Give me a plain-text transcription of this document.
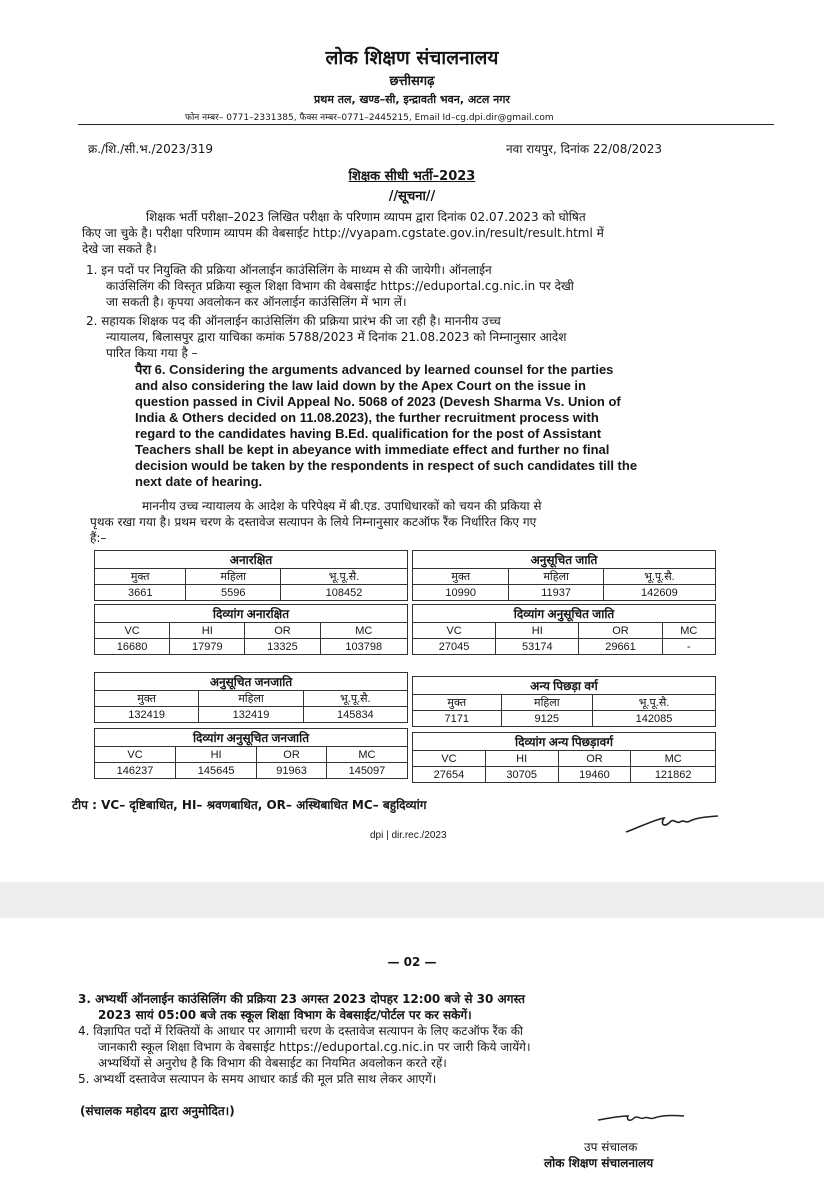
लोक शिक्षण संचालनालय
छत्तीसगढ़
प्रथम तल, खण्ड–सी, इन्द्रावती भवन, अटल नगर
फोन नम्बर– 0771–2331385, फैक्स नम्बर–0771–2445215, Email Id–cg.dpi.dir@gmail.com
क्र./शि./सी.भ./2023/319	नवा रायपुर, दिनांक 22/08/2023
शिक्षक सीधी भर्ती–2023
//सूचना//
शिक्षक भर्ती परीक्षा–2023 लिखित परीक्षा के परिणाम व्यापम द्वारा दिनांक 02.07.2023 को घोषित
किए जा चुके है। परीक्षा परिणाम व्यापम की वेबसाईट http://vyapam.cgstate.gov.in/result/result.html में
देखे जा सकते है।
1. इन पदों पर नियुक्ति की प्रक्रिया ऑनलाईन काउंसिलिंग के माध्यम से की जायेगी। ऑनलाईन
काउंसिलिंग की विस्तृत प्रक्रिया स्कूल शिक्षा विभाग की वेबसाईट https://eduportal.cg.nic.in पर देखी
जा सकती है। कृपया अवलोकन कर ऑनलाईन काउंसिलिंग में भाग लें।
2. सहायक शिक्षक पद की ऑनलाईन काउंसिलिंग की प्रक्रिया प्रारंभ की जा रही है। माननीय उच्च
न्यायालय, बिलासपुर द्वारा याचिका कमांक 5788/2023 में दिनांक 21.08.2023 को निम्नानुसार आदेश
पारित किया गया है –
पैरा 6. Considering the arguments advanced by learned counsel for the parties
and also considering the law laid down by the Apex Court on the issue in
question passed in Civil Appeal No. 5068 of 2023 (Devesh Sharma Vs. Union of
India & Others decided on 11.08.2023), the further recruitment process with
regard to the candidates having B.Ed. qualification for the post of Assistant
Teachers shall be kept in abeyance with immediate effect and further no final
decision would be taken by the respondents in respect of such candidates till the
next date of hearing.
माननीय उच्च न्यायालय के आदेश के परिपेक्ष्य में बी.एड. उपाधिधारकों को चयन की प्रकिया से
पृथक रखा गया है। प्रथम चरण के दस्तावेज सत्यापन के लिये निम्नानुसार कटऑफ रैंक निर्धारित किए गए
हैं:–
अनारक्षित		
मुक्त	महिला	भू.पू.सै.
3661	5596	108452
दिव्यांग अनारक्षित			
VC	HI	OR	MC
16680	17979	13325	103798
अनुसूचित जाति		
मुक्त	महिला	भू.पू.सै.
10990	11937	142609
दिव्यांग अनुसूचित जाति			
VC	HI	OR	MC
27045	53174	29661	-
अनुसूचित जनजाति		
मुक्त	महिला	भू.पू.सै.
132419	132419	145834
दिव्यांग अनुसूचित जनजाति			
VC	HI	OR	MC
146237	145645	91963	145097
अन्य पिछड़ा वर्ग		
मुक्त	महिला	भू.पू.सै.
7171	9125	142085
दिव्यांग अन्य पिछड़ावर्ग			
VC	HI	OR	MC
27654	30705	19460	121862
टीप : VC– दृष्टिबाधित, HI– श्रवणबाधित, OR– अस्थिबाधित MC– बहुदिव्यांग
dpi | dir.rec./2023
— 02 —
3. अभ्यर्थी ऑनलाईन काउंसिलिंग की प्रक्रिया 23 अगस्त 2023 दोपहर 12:00 बजे से 30 अगस्त
2023 सायं 05:00 बजे तक स्कूल शिक्षा विभाग के वेबसाईट/पोर्टल पर कर सकेगें।
4. विज्ञापित पदों में रिक्तियों के आधार पर आगामी चरण के दस्तावेज सत्यापन के लिए कटऑफ रैंक की
जानकारी स्कूल शिक्षा विभाग के वेबसाईट https://eduportal.cg.nic.in पर जारी किये जायेंगे।
अभ्यर्थियों से अनुरोध है कि विभाग की वेबसाईट का नियमित अवलोकन करते रहें।
5. अभ्यर्थी दस्तावेज सत्यापन के समय आधार कार्ड की मूल प्रति साथ लेकर आएगें।
(संचालक महोदय द्वारा अनुमोदित।)
उप संचालक
लोक शिक्षण संचालनालय
